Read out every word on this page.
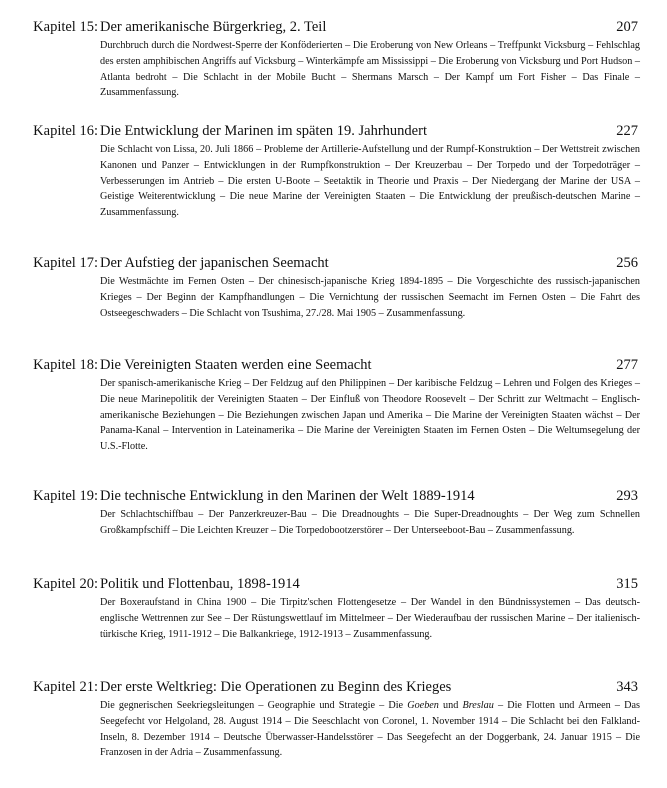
Kapitel 15: Der amerikanische Bürgerkrieg, 2. Teil	207

Durchbruch durch die Nordwest-Sperre der Konföderierten – Die Eroberung von New Orleans – Treffpunkt Vicksburg – Fehlschlag des ersten amphibischen Angriffs auf Vicksburg – Winterkämpfe am Mississippi – Die Eroberung von Vicksburg und Port Hudson – Atlanta bedroht – Die Schlacht in der Mobile Bucht – Shermans Marsch – Der Kampf um Fort Fisher – Das Finale – Zusammenfassung.

Kapitel 16: Die Entwicklung der Marinen im späten 19. Jahrhundert	227

Die Schlacht von Lissa, 20. Juli 1866 – Probleme der Artillerie-Aufstellung und der Rumpf-Konstruktion – Der Wettstreit zwischen Kanonen und Panzer – Entwicklungen in der Rumpfkonstruktion – Der Kreuzerbau – Der Torpedo und der Torpedoträger – Verbesserungen im Antrieb – Die ersten U-Boote – Seetaktik in Theorie und Praxis – Der Niedergang der Marine der USA – Geistige Weiterentwicklung – Die neue Marine der Vereinigten Staaten – Die Entwicklung der preußisch-deutschen Marine – Zusammenfassung.

Kapitel 17: Der Aufstieg der japanischen Seemacht	256

Die Westmächte im Fernen Osten – Der chinesisch-japanische Krieg 1894-1895 – Die Vorgeschichte des russisch-japanischen Krieges – Der Beginn der Kampfhandlungen – Die Vernichtung der russischen Seemacht im Fernen Osten – Die Fahrt des Ostseegeschwaders – Die Schlacht von Tsushima, 27./28. Mai 1905 – Zusammenfassung.

Kapitel 18: Die Vereinigten Staaten werden eine Seemacht	277

Der spanisch-amerikanische Krieg – Der Feldzug auf den Philippinen – Der karibische Feldzug – Lehren und Folgen des Krieges – Die neue Marinepolitik der Vereinigten Staaten – Der Einfluß von Theodore Roosevelt – Der Schritt zur Weltmacht – Englisch-amerikanische Beziehungen – Die Beziehungen zwischen Japan und Amerika – Die Marine der Vereinigten Staaten wächst – Der Panama-Kanal – Intervention in Lateinamerika – Die Marine der Vereinigten Staaten im Fernen Osten – Die Weltumsegelung der U.S.-Flotte.

Kapitel 19: Die technische Entwicklung in den Marinen der Welt 1889-1914	293

Der Schlachtschiffbau – Der Panzerkreuzer-Bau – Die Dreadnoughts – Die Super-Dreadnoughts – Der Weg zum Schnellen Großkampfschiff – Die Leichten Kreuzer – Die Torpedobootzerstörer – Der Unterseeboot-Bau – Zusammenfassung.

Kapitel 20: Politik und Flottenbau, 1898-1914	315

Der Boxeraufstand in China 1900 – Die Tirpitz'schen Flottengesetze – Der Wandel in den Bündnissystemen – Das deutsch-englische Wettrennen zur See – Der Rüstungswettlauf im Mittelmeer – Der Wiederaufbau der russischen Marine – Der italienisch-türkische Krieg, 1911-1912 – Die Balkankriege, 1912-1913 – Zusammenfassung.

Kapitel 21: Der erste Weltkrieg: Die Operationen zu Beginn des Krieges	343

Die gegnerischen Seekriegsleitungen – Geographie und Strategie – Die Goeben und Breslau – Die Flotten und Armeen – Das Seegefecht vor Helgoland, 28. August 1914 – Die Seeschlacht von Coronel, 1. November 1914 – Die Schlacht bei den Falkland-Inseln, 8. Dezember 1914 – Deutsche Überwasser-Handelsstörer – Das Seegefecht an der Doggerbank, 24. Januar 1915 – Die Franzosen in der Adria – Zusammenfassung.
